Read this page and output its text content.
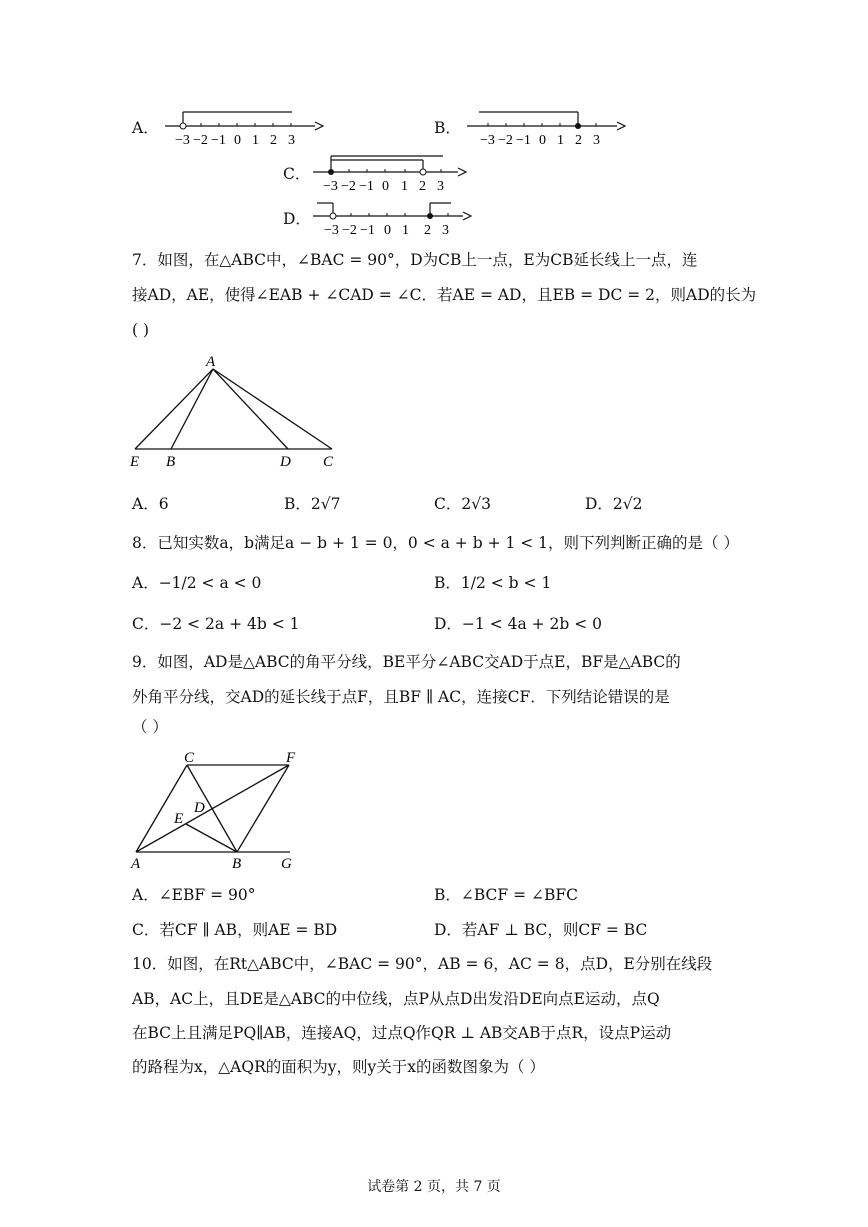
A．
−3 −2 −1 0 1 2 3
B．
−3 −2 −1 0 1 2 3
C．
−3 −2 −1 0 1 2 3
D．
−3 −2 −1 0 1 2 3
7．如图，在△ABC中，∠BAC = 90°，D为CB上一点，E为CB延长线上一点，连
接AD，AE，使得∠EAB + ∠CAD = ∠C．若AE = AD，且EB = DC = 2，则AD的长为
( )
A
E B	D C
A．6	B．2√7	C．2√3	D．2√2
8．已知实数a，b满足a − b + 1 = 0，0 < a + b + 1 < 1，则下列判断正确的是（ ）
A．−1/2 < a < 0	B．1/2 < b < 1
C．−2 < 2a + 4b < 1	D．−1 < 4a + 2b < 0
9．如图，AD是△ABC的角平分线，BE平分∠ABC交AD于点E，BF是△ABC的
外角平分线，交AD的延长线于点F，且BF ∥ AC，连接CF．下列结论错误的是
（ ）
C	F
D
E
A	B	G
A．∠EBF = 90°	B．∠BCF = ∠BFC
C．若CF ∥ AB，则AE = BD	D．若AF ⊥ BC，则CF = BC
10．如图，在Rt△ABC中，∠BAC = 90°，AB = 6，AC = 8，点D，E分别在线段
AB，AC上，且DE是△ABC的中位线，点P从点D出发沿DE向点E运动，点Q
在BC上且满足PQ∥AB，连接AQ，过点Q作QR ⊥ AB交AB于点R，设点P运动
的路程为x，△AQR的面积为y，则y关于x的函数图象为（ ）
试卷第 2 页，共 7 页
